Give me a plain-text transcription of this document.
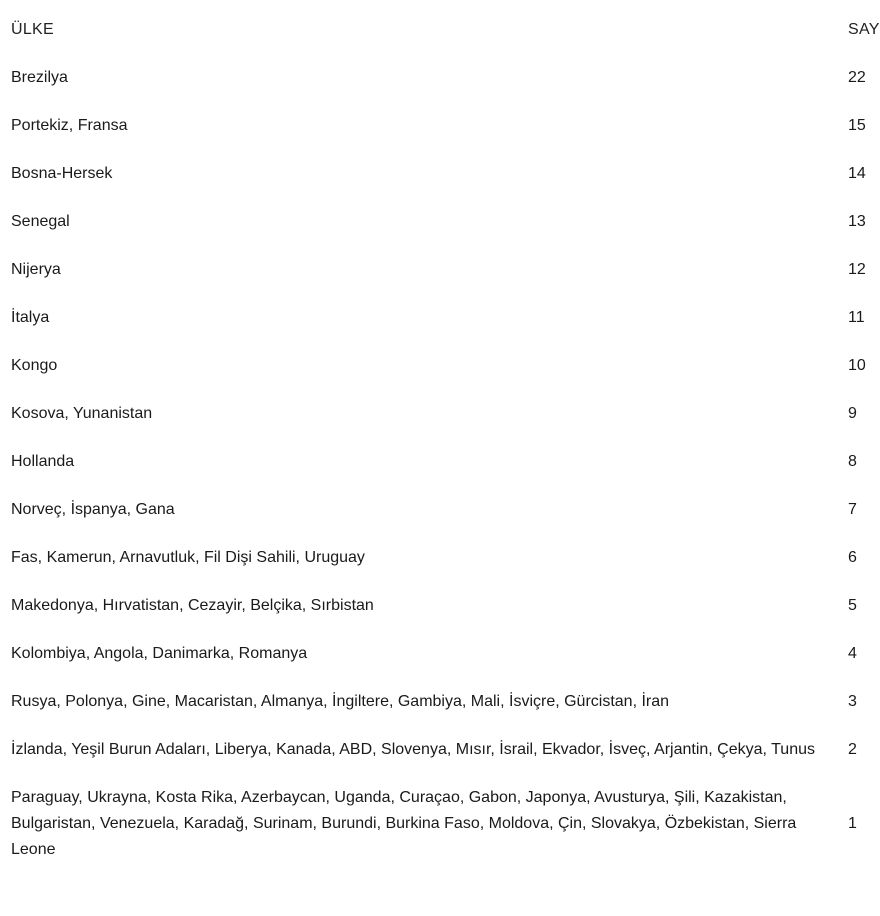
ÜLKE	SAY
Brezilya	22
Portekiz, Fransa	15
Bosna-Hersek	14
Senegal	13
Nijerya	12
İtalya	11
Kongo	10
Kosova, Yunanistan	9
Hollanda	8
Norveç, İspanya, Gana	7
Fas, Kamerun, Arnavutluk, Fil Dişi Sahili, Uruguay	6
Makedonya, Hırvatistan, Cezayir, Belçika, Sırbistan	5
Kolombiya, Angola, Danimarka, Romanya	4
Rusya, Polonya, Gine, Macaristan, Almanya, İngiltere, Gambiya, Mali, İsviçre, Gürcistan, İran	3
İzlanda, Yeşil Burun Adaları, Liberya, Kanada, ABD, Slovenya, Mısır, İsrail, Ekvador, İsveç, Arjantin, Çekya, Tunus	2
Paraguay, Ukrayna, Kosta Rika, Azerbaycan, Uganda, Curaçao, Gabon, Japonya, Avusturya, Şili, Kazakistan, Bulgaristan, Venezuela, Karadağ, Surinam, Burundi, Burkina Faso, Moldova, Çin, Slovakya, Özbekistan, Sierra Leone	1
